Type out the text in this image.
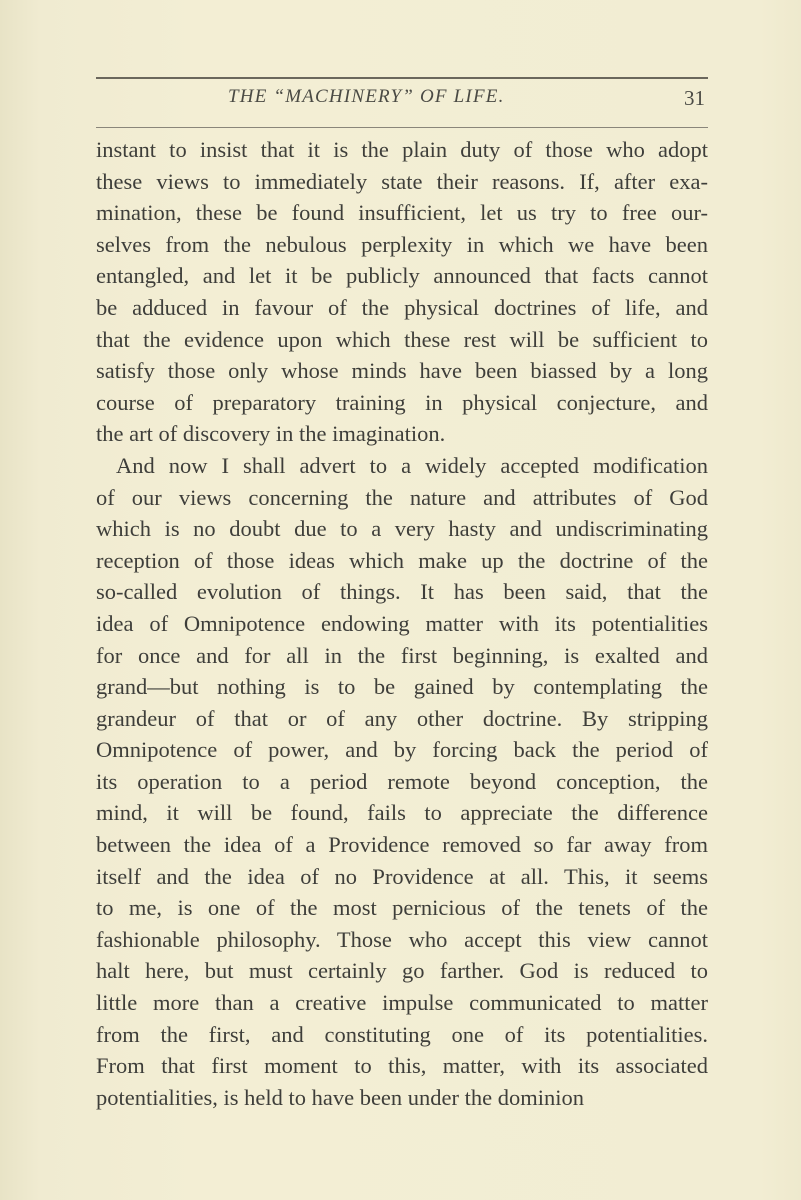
THE “MACHINERY” OF LIFE.	31
instant to insist that it is the plain duty of those who adopt
these views to immediately state their reasons. If, after exa-
mination, these be found insufficient, let us try to free our-
selves from the nebulous perplexity in which we have been
entangled, and let it be publicly announced that facts cannot
be adduced in favour of the physical doctrines of life, and
that the evidence upon which these rest will be sufficient to
satisfy those only whose minds have been biassed by a long
course of preparatory training in physical conjecture, and
the art of discovery in the imagination.
And now I shall advert to a widely accepted modification
of our views concerning the nature and attributes of God
which is no doubt due to a very hasty and undiscriminating
reception of those ideas which make up the doctrine of the
so-called evolution of things. It has been said, that the
idea of Omnipotence endowing matter with its potentialities
for once and for all in the first beginning, is exalted and
grand—but nothing is to be gained by contemplating the
grandeur of that or of any other doctrine. By stripping
Omnipotence of power, and by forcing back the period of
its operation to a period remote beyond conception, the
mind, it will be found, fails to appreciate the difference
between the idea of a Providence removed so far away from
itself and the idea of no Providence at all. This, it seems
to me, is one of the most pernicious of the tenets of the
fashionable philosophy. Those who accept this view cannot
halt here, but must certainly go farther. God is reduced to
little more than a creative impulse communicated to matter
from the first, and constituting one of its potentialities.
From that first moment to this, matter, with its associated
potentialities, is held to have been under the dominion
